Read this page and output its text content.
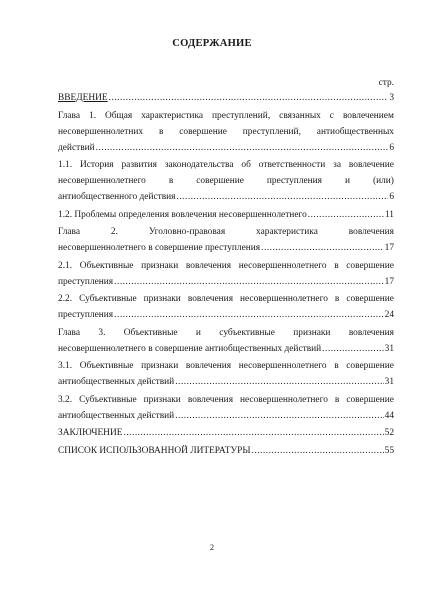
СОДЕРЖАНИЕ
стр.
ВВЕДЕНИЕ .....	3
Глава 1. Общая характеристика преступлений, связанных с вовлечением
несовершеннолетних в совершение преступлений, антиобщественных
действий .....	6
1.1. История развития законодательства об ответственности за вовлечение
несовершеннолетнего в совершение преступления и (или)
антиобщественного действия .....	6
1.2. Проблемы определения вовлечения несовершеннолетнего .....	11
Глава	2.	Уголовно-правовая	характеристика	вовлечения
несовершеннолетнего в совершение преступления .....	17
2.1. Объективные признаки вовлечения несовершеннолетнего в совершение
преступления .....	17
2.2. Субъективные признаки вовлечения несовершеннолетнего в совершение
преступления .....	24
Глава 3. Объективные и субъективные признаки вовлечения
несовершеннолетнего в совершение антиобщественных действий .....	31
3.1. Объективные признаки вовлечения несовершеннолетнего в совершение
антиобщественных действий .....	31
3.2. Субъективные признаки вовлечения несовершеннолетнего в совершение
антиобщественных действий .....	44
ЗАКЛЮЧЕНИЕ .....	52
СПИСОК ИСПОЛЬЗОВАННОЙ ЛИТЕРАТУРЫ .....	55
2
